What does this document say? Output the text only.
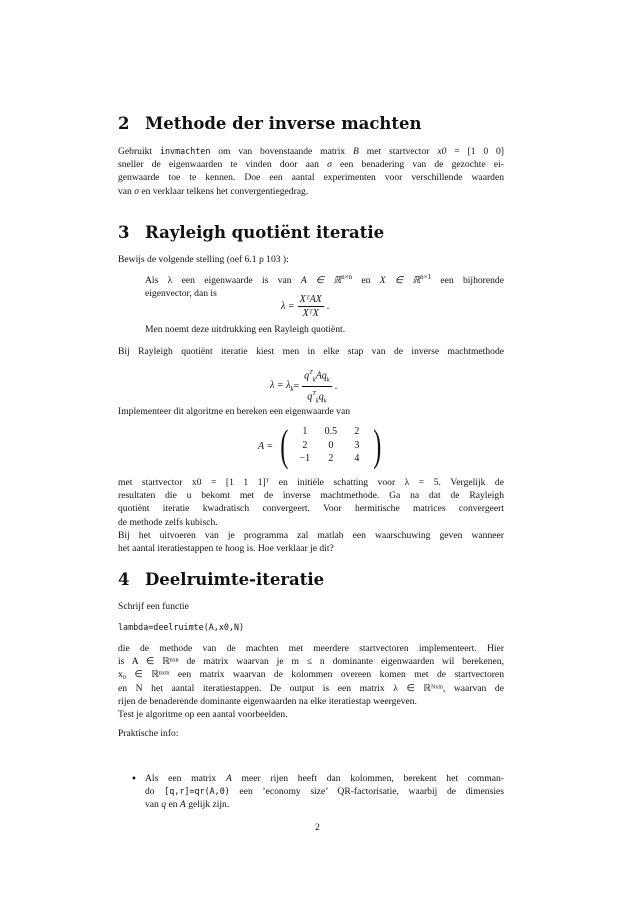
2 Methode der inverse machten
Gebruikt invmachten om van bovenstaande matrix B met startvector x0 = [1 0 0]
sneller de eigenwaarden te vinden door aan σ een benadering van de gezochte ei-
genwaarde toe te kennen. Doe een aantal experimenten voor verschillende waarden
van σ en verklaar telkens het convergentiegedrag.
3 Rayleigh quotiënt iteratie
Bewijs de volgende stelling (oef 6.1 p 103 ):
Als λ een eigenwaarde is van A ∈ ℝ$^{n\times n}$ en X ∈ ℝ$^{n\times 1}$ een bijhorende
eigenvector, dan is
$\lambda = \frac{\text{XᵀAX}}{\text{XᵀX}}$ .
Men noemt deze uitdrukking een Rayleigh quotiënt.
Bij Rayleigh quotiënt iteratie kiest men in elke stap van de inverse machtmethode
$\lambda = \lambda_k = \frac{q^T_kAq_k}{q^T_kq_k}$ .
Implementeer dit algoritme en bereken een eigenwaarde van
A = (	1	0.5	2
2	0	3
−1	2	4 )
met startvector x0 = [1 1 1]ᵀ en initiële schatting voor λ = 5. Vergelijk de
resultaten die u bekomt met de inverse machtmethode. Ga na dat de Rayleigh
quotiënt iteratie kwadratisch convergeert. Voor hermitische matrices convergeert
de methode zelfs kubisch.
Bij het uitvoeren van je programma zal matlab een waarschuwing geven wanneer
het aantal iteratiestappen te hoog is. Hoe verklaar je dit?
4 Deelruimte-iteratie
Schrijf een functie
lambda=deelruimte(A,x0,N)
die de methode van de machten met meerdere startvectoren implementeert. Hier
is A ∈ ℝⁿˣⁿ de matrix waarvan je m ≤ n dominante eigenwaarden wil berekenen,
x₀ ∈ ℝⁿˣᵐ een matrix waarvan de kolommen overeen komen met de startvectoren
en N het aantal iteratiestappen. De output is een matrix λ ∈ ℝᴺˣᵐ, waarvan de
rijen de benaderende dominante eigenwaarden na elke iteratiestap weergeven.
Test je algoritme op een aantal voorbeelden.
Praktische info:
• Als een matrix A meer rijen heeft dan kolommen, berekent het comman-
do [q,r]=qr(A,0) een ’economy size’ QR-factorisatie, waarbij de dimensies
van q en A gelijk zijn.
2
